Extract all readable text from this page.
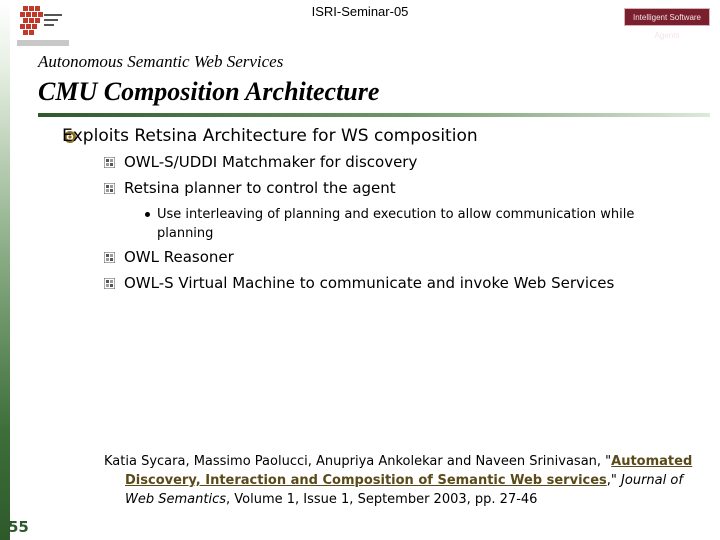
Intelligent Software Agents
ISRI-Seminar-05
Autonomous Semantic Web Services
CMU Composition Architecture
Exploits Retsina Architecture for WS composition
OWL-S/UDDI Matchmaker for discovery
Retsina planner to control the agent
Use interleaving of planning and execution to allow communication while
planning
OWL Reasoner
OWL-S Virtual Machine to communicate and invoke Web Services
Katia Sycara, Massimo Paolucci, Anupriya Ankolekar and Naveen Srinivasan, "Automated
Discovery, Interaction and Composition of Semantic Web services," Journal of
Web Semantics, Volume 1, Issue 1, September 2003, pp. 27-46
55
